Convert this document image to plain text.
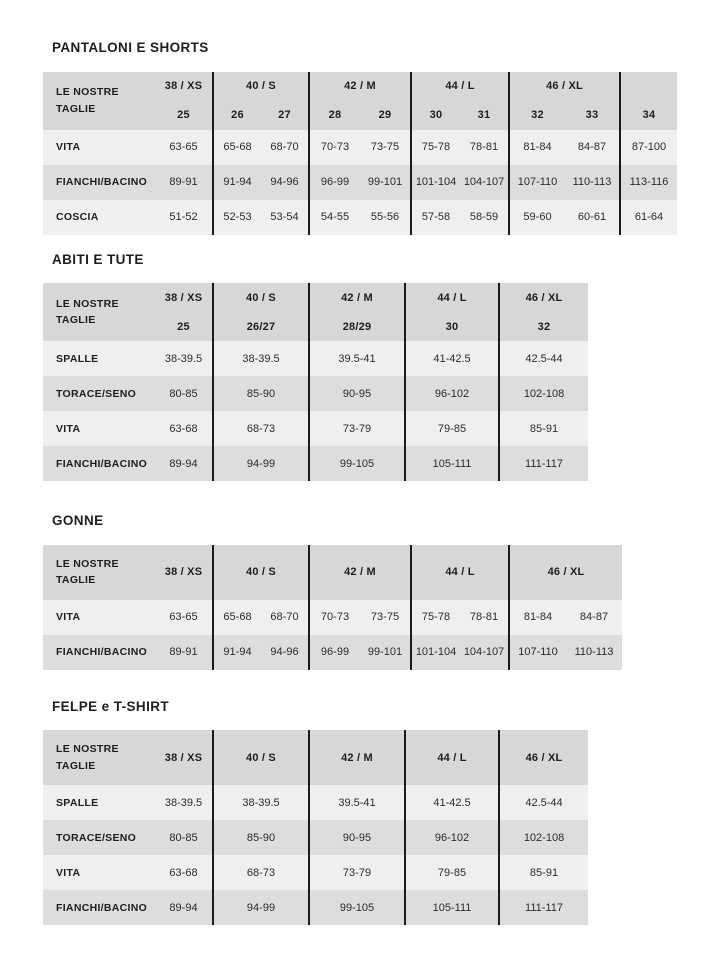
PANTALONI E SHORTS
LE NOSTRE TAGLIE	38 / XS	40 / S		42 / M		44 / L		46 / XL		
	25	26	27	28	29	30	31	32	33	34
VITA	63-65	65-68	68-70	70-73	73-75	75-78	78-81	81-84	84-87	87-100
FIANCHI/BACINO	89-91	91-94	94-96	96-99	99-101	101-104	104-107	107-110	110-113	113-116
COSCIA	51-52	52-53	53-54	54-55	55-56	57-58	58-59	59-60	60-61	61-64
ABITI E TUTE
LE NOSTRE TAGLIE	38 / XS	40 / S	42 / M	44 / L	46 / XL
	25	26/27	28/29	30	32
SPALLE	38-39.5	38-39.5	39.5-41	41-42.5	42.5-44
TORACE/SENO	80-85	85-90	90-95	96-102	102-108
VITA	63-68	68-73	73-79	79-85	85-91
FIANCHI/BACINO	89-94	94-99	99-105	105-111	111-117
GONNE
LE NOSTRE TAGLIE	38 / XS	40 / S		42 / M		44 / L		46 / XL	
VITA	63-65	65-68	68-70	70-73	73-75	75-78	78-81	81-84	84-87
FIANCHI/BACINO	89-91	91-94	94-96	96-99	99-101	101-104	104-107	107-110	110-113
FELPE e T-SHIRT
LE NOSTRE TAGLIE	38 / XS	40 / S	42 / M	44 / L	46 / XL
SPALLE	38-39.5	38-39.5	39.5-41	41-42.5	42.5-44
TORACE/SENO	80-85	85-90	90-95	96-102	102-108
VITA	63-68	68-73	73-79	79-85	85-91
FIANCHI/BACINO	89-94	94-99	99-105	105-111	111-117
